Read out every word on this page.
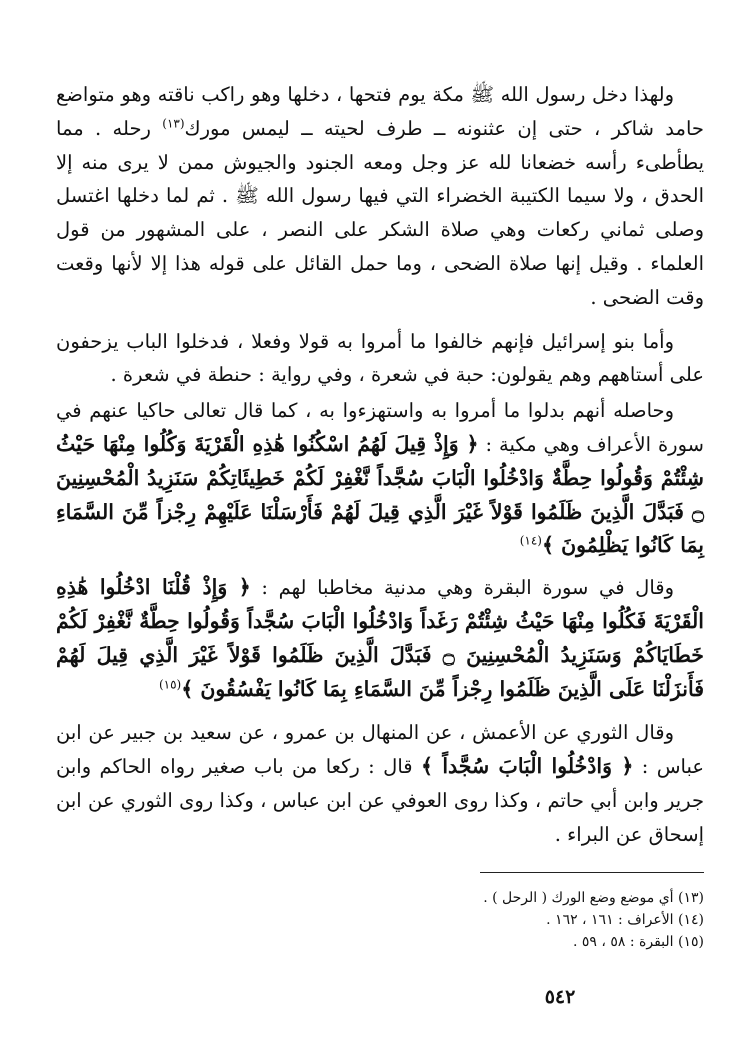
ولهذا دخل رسول الله ﷺ مكة يوم فتحها ، دخلها وهو راكب ناقته وهو متواضع حامد شاكر ، حتى إن عثنونه ــ طرف لحيته ــ ليمس مورك$^{(١٣)}$ رحله . مما يطأطىء رأسه خضعانا لله عز وجل ومعه الجنود والجيوش ممن لا يرى منه إلا الحدق ، ولا سيما الكتيبة الخضراء التي فيها رسول الله ﷺ . ثم لما دخلها اغتسل وصلى ثماني ركعات وهي صلاة الشكر على النصر ، على المشهور من قول العلماء . وقيل إنها صلاة الضحى ، وما حمل القائل على قوله هذا إلا لأنها وقعت وقت الضحى .

وأما بنو إسرائيل فإنهم خالفوا ما أمروا به قولا وفعلا ، فدخلوا الباب يزحفون على أستاههم وهم يقولون: حبة في شعرة ، وفي رواية : حنطة في شعرة .

وحاصله أنهم بدلوا ما أمروا به واستهزءوا به ، كما قال تعالى حاكيا عنهم في سورة الأعراف وهي مكية : ﴿ وَإِذْ قِيلَ لَهُمُ اسْكُنُوا هَٰذِهِ الْقَرْيَةَ وَكُلُوا مِنْهَا حَيْثُ شِئْتُمْ وَقُولُوا حِطَّةٌ وَادْخُلُوا الْبَابَ سُجَّداً نَّغْفِرْ لَكُمْ خَطِيئَاتِكُمْ سَنَزِيدُ الْمُحْسِنِينَ ۝ فَبَدَّلَ الَّذِينَ ظَلَمُوا قَوْلاً غَيْرَ الَّذِي قِيلَ لَهُمْ فَأَرْسَلْنَا عَلَيْهِمْ رِجْزاً مِّنَ السَّمَاءِ بِمَا كَانُوا يَظْلِمُونَ ﴾$^{(١٤)}$

وقال في سورة البقرة وهي مدنية مخاطبا لهم : ﴿ وَإِذْ قُلْنَا ادْخُلُوا هَٰذِهِ الْقَرْيَةَ فَكُلُوا مِنْهَا حَيْثُ شِئْتُمْ رَغَداً وَادْخُلُوا الْبَابَ سُجَّداً وَقُولُوا حِطَّةٌ نَّغْفِرْ لَكُمْ خَطَايَاكُمْ وَسَنَزِيدُ الْمُحْسِنِينَ ۝ فَبَدَّلَ الَّذِينَ ظَلَمُوا قَوْلاً غَيْرَ الَّذِي قِيلَ لَهُمْ فَأَنزَلْنَا عَلَى الَّذِينَ ظَلَمُوا رِجْزاً مِّنَ السَّمَاءِ بِمَا كَانُوا يَفْسُقُونَ ﴾$^{(١٥)}$

وقال الثوري عن الأعمش ، عن المنهال بن عمرو ، عن سعيد بن جبير عن ابن عباس : ﴿ وَادْخُلُوا الْبَابَ سُجَّداً ﴾ قال : ركعا من باب صغير رواه الحاكم وابن جرير وابن أبي حاتم ، وكذا روى العوفي عن ابن عباس ، وكذا روى الثوري عن ابن إسحاق عن البراء .

(١٣) أي موضع وضع الورك ( الرحل ) .

(١٤) الأعراف : ١٦١ ، ١٦٢ .

(١٥) البقرة : ٥٨ ، ٥٩ .

٥٤٢
